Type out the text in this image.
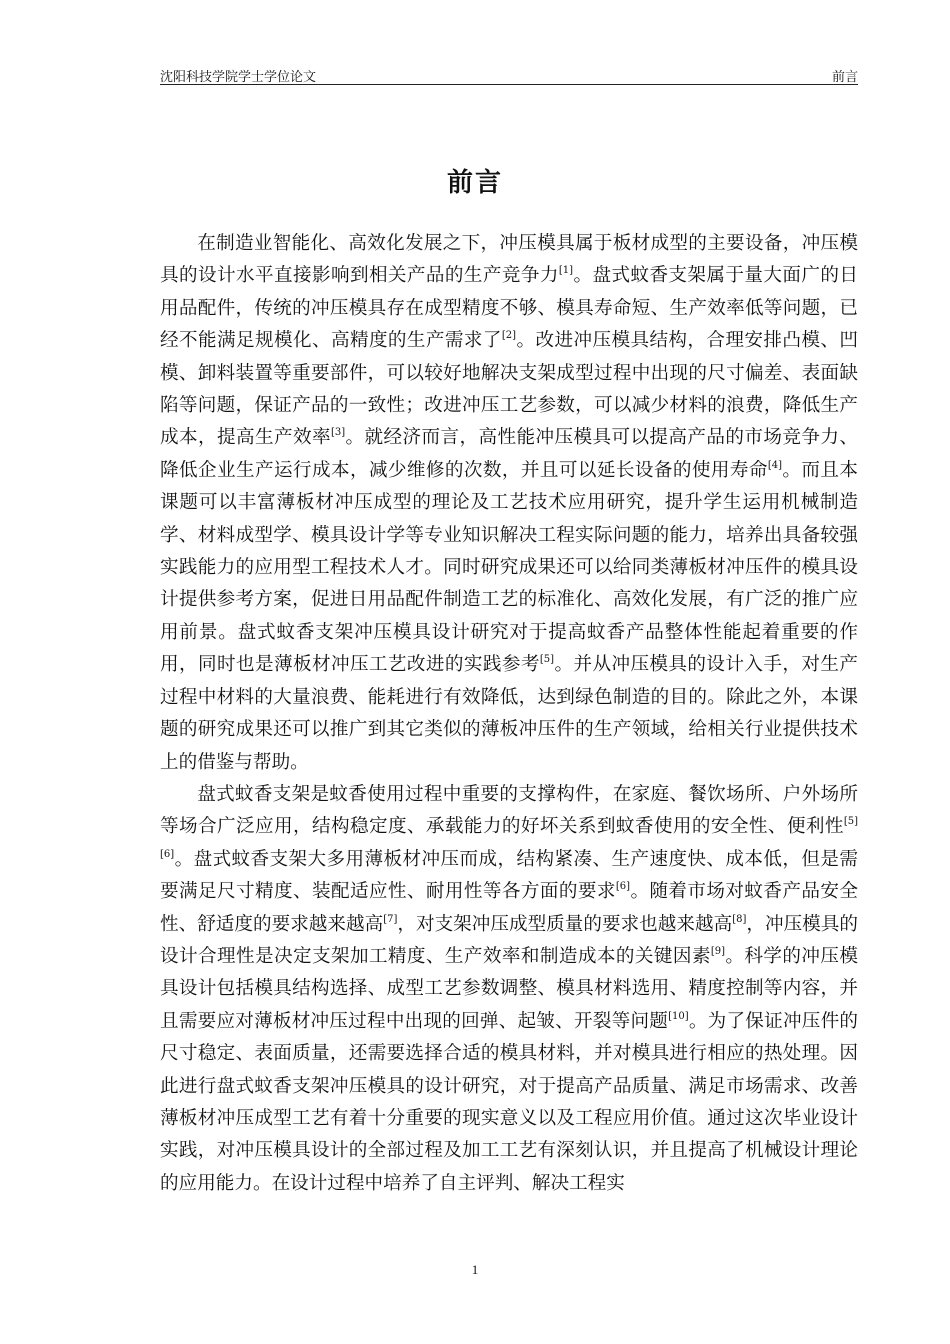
沈阳科技学院学士学位论文	前言
前言

在制造业智能化、高效化发展之下，冲压模具属于板材成型的主要设备，冲压模具的设计水平直接影响到相关产品的生产竞争力[1]。盘式蚊香支架属于量大面广的日用品配件，传统的冲压模具存在成型精度不够、模具寿命短、生产效率低等问题，已经不能满足规模化、高精度的生产需求了[2]。改进冲压模具结构，合理安排凸模、凹模、卸料装置等重要部件，可以较好地解决支架成型过程中出现的尺寸偏差、表面缺陷等问题，保证产品的一致性；改进冲压工艺参数，可以减少材料的浪费，降低生产成本，提高生产效率[3]。就经济而言，高性能冲压模具可以提高产品的市场竞争力、降低企业生产运行成本，减少维修的次数，并且可以延长设备的使用寿命[4]。而且本课题可以丰富薄板材冲压成型的理论及工艺技术应用研究，提升学生运用机械制造学、材料成型学、模具设计学等专业知识解决工程实际问题的能力，培养出具备较强实践能力的应用型工程技术人才。同时研究成果还可以给同类薄板材冲压件的模具设计提供参考方案，促进日用品配件制造工艺的标准化、高效化发展，有广泛的推广应用前景。盘式蚊香支架冲压模具设计研究对于提高蚊香产品整体性能起着重要的作用，同时也是薄板材冲压工艺改进的实践参考[5]。并从冲压模具的设计入手，对生产过程中材料的大量浪费、能耗进行有效降低，达到绿色制造的目的。除此之外，本课题的研究成果还可以推广到其它类似的薄板冲压件的生产领域，给相关行业提供技术上的借鉴与帮助。

盘式蚊香支架是蚊香使用过程中重要的支撑构件，在家庭、餐饮场所、户外场所等场合广泛应用，结构稳定度、承载能力的好坏关系到蚊香使用的安全性、便利性[5][6]。盘式蚊香支架大多用薄板材冲压而成，结构紧凑、生产速度快、成本低，但是需要满足尺寸精度、装配适应性、耐用性等各方面的要求[6]。随着市场对蚊香产品安全性、舒适度的要求越来越高[7]，对支架冲压成型质量的要求也越来越高[8]，冲压模具的设计合理性是决定支架加工精度、生产效率和制造成本的关键因素[9]。科学的冲压模具设计包括模具结构选择、成型工艺参数调整、模具材料选用、精度控制等内容，并且需要应对薄板材冲压过程中出现的回弹、起皱、开裂等问题[10]。为了保证冲压件的尺寸稳定、表面质量，还需要选择合适的模具材料，并对模具进行相应的热处理。因此进行盘式蚊香支架冲压模具的设计研究，对于提高产品质量、满足市场需求、改善薄板材冲压成型工艺有着十分重要的现实意义以及工程应用价值。通过这次毕业设计实践，对冲压模具设计的全部过程及加工工艺有深刻认识，并且提高了机械设计理论的应用能力。在设计过程中培养了自主评判、解决工程实

1
